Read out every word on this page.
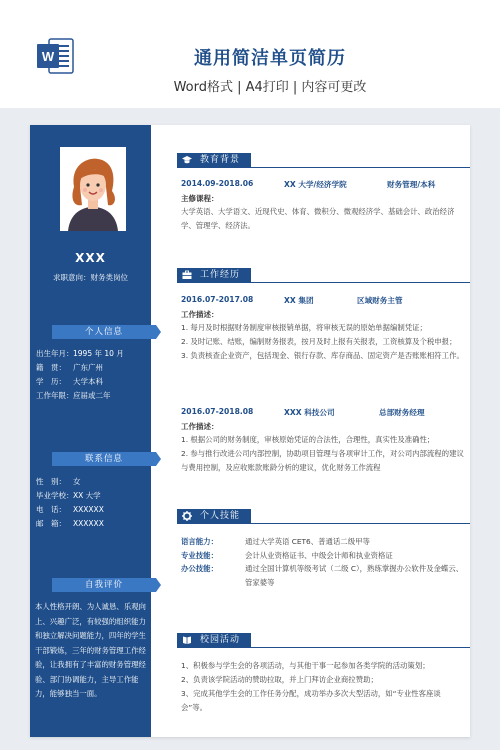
W	通用简洁单页简历
Word格式 | A4打印 | 内容可更改
XXX
求职意向：财务类岗位
个人信息
出生年月： 1995 年 10 月
籍　贯： 广东广州
学　历： 大学本科
工作年限： 应届或二年
联系信息
性　别： 女
毕业学校： XX 大学
电　话： XXXXXX
邮　箱： XXXXXX
自我评价
本人性格开朗、为人诚恳、乐观向上、兴趣广泛，有较强的组织能力和独立解决问题能力，四年的学生干部锻炼，三年的财务管理工作经验，让我拥有了丰富的财务管理经验、部门协调能力，主导工作能力，能够独当一面。
教育背景
2014.09-2018.06	XX 大学/经济学院	财务管理/本科
主修课程：
大学英语、大学语文、近现代史、体育、微积分、微观经济学、基础会计、政治经济学、管理学、经济法。
工作经历
2016.07-2017.08	XX 集团	区域财务主管
工作描述：

1. 每月及时根据财务制度审核报销单据，将审核无误的原始单据编制凭证；

2. 及时记账、结账，编制财务报表，按月及时上报有关报表，工资核算及个税申报；

3. 负责核查企业资产，包括现金、银行存款、库存商品、固定资产是否账账相符工作。

2016.07-2018.08	XXX 科技公司	总部财务经理
工作描述：

1. 根据公司的财务制度，审核原始凭证的合法性，合理性，真实性及准确性；

2. 参与推行改进公司内部控制，协助项目管理与各项审计工作，对公司内部流程的建议与费用控制，及应收账款账龄分析的建议，优化财务工作流程

个人技能
语言能力：	通过大学英语 CET6、普通话二级甲等
专业技能：	会计从业资格证书、中级会计师和执业资格证
办公技能：	通过全国计算机等级考试（二级 C），熟练掌握办公软件及金蝶云、管家婆等
校园活动

1、积极参与学生会的各项活动，与其他干事一起参加各类学院的活动策划；

2、负责该学院活动的赞助拉取，并上门拜访企业商拉赞助；

3、完成其他学生会的工作任务分配，成功举办多次大型活动，如“专业性客座谈会”等。
